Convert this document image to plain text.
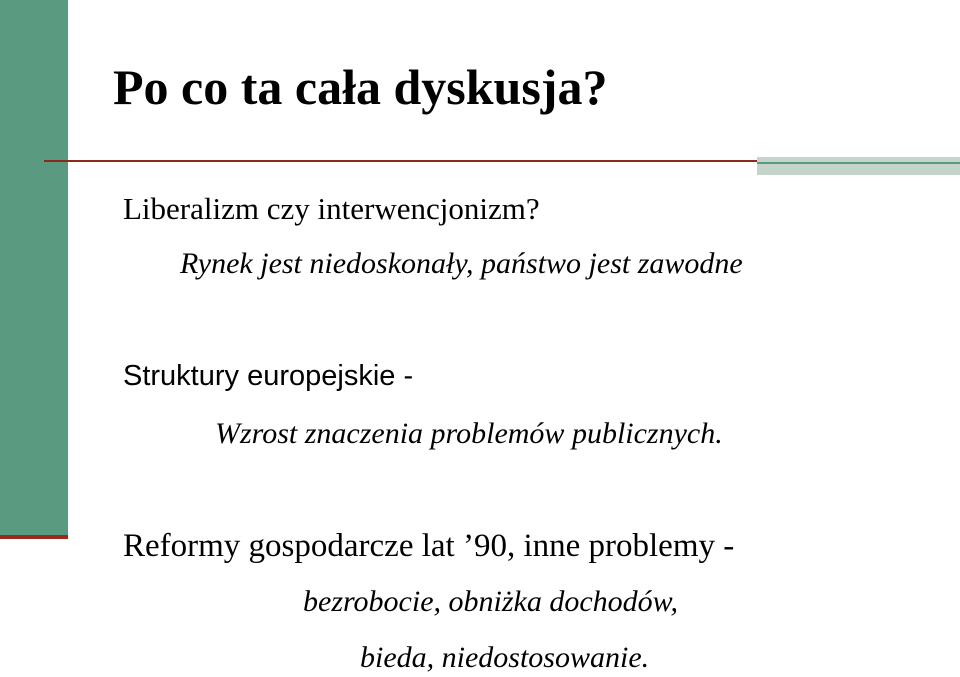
Po co ta cała dyskusja?

Liberalizm czy interwencjonizm?

Rynek jest niedoskonały, państwo jest zawodne

Struktury europejskie -

Wzrost znaczenia problemów publicznych.

Reformy gospodarcze lat ’90, inne problemy -

bezrobocie, obniżka dochodów,

bieda, niedostosowanie.
